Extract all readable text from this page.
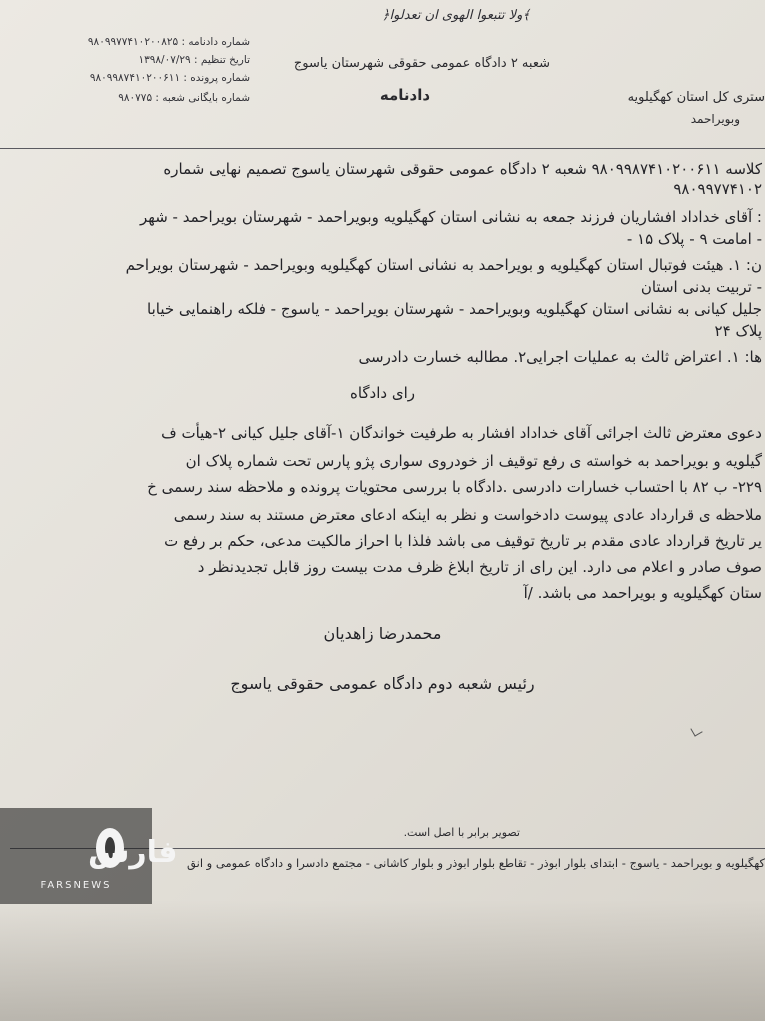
﴾ولا تتبعوا الهوى ان تعدلوا﴿
شماره دادنامه : ۹۸۰۹۹۷۷۴۱۰۲۰۰۸۲۵
تاریخ تنظیم : ۱۳۹۸/۰۷/۲۹
شماره پرونده : ۹۸۰۹۹۸۷۴۱۰۲۰۰۶۱۱
شماره بایگانی شعبه : ۹۸۰۷۷۵
شعبه ۲ دادگاه عمومی حقوقی شهرستان یاسوج
دادنامه	ستری کل استان کهگیلویه
وبویراحمد
کلاسه ۹۸۰۹۹۸۷۴۱۰۲۰۰۶۱۱ شعبه ۲ دادگاه عمومی حقوقی شهرستان یاسوج تصمیم نهایی شماره
۹۸۰۹۹۷۷۴۱۰۲
: آقای خداداد افشاریان فرزند جمعه به نشانی استان کهگیلویه وبویراحمد - شهرستان بویراحمد - شهر
- امامت ۹ - پلاک ۱۵ -
ن: ۱. هیئت فوتبال استان کهگیلویه و بویراحمد به نشانی استان کهگیلویه وبویراحمد - شهرستان بویراحم
- تربیت بدنی استان
جلیل کیانی به نشانی استان کهگیلویه وبویراحمد - شهرستان بویراحمد - یاسوج - فلکه راهنمایی خیابا
پلاک ۲۴
ها: ۱. اعتراض ثالث به عملیات اجرایی۲. مطالبه خسارت دادرسی
رای دادگاه
دعوی معترض ثالث اجرائی آقای خداداد افشار به طرفیت خواندگان ۱-آقای جلیل کیانی ۲-هیأت ف
گیلویه و بویراحمد به خواسته ی رفع توقیف از خودروی سواری پژو پارس تحت شماره پلاک ان
۲۲۹- ب ۸۲ با احتساب خسارات دادرسی .دادگاه با بررسی محتویات پرونده و ملاحظه سند رسمی خ
ملاحظه ی قرارداد عادی پیوست دادخواست و نظر به اینکه ادعای معترض مستند به سند رسمی
یر تاریخ قرارداد عادی مقدم بر تاریخ توقیف می باشد فلذا با احراز مالکیت مدعی، حکم بر رفع ت
صوف صادر و اعلام می دارد. این رای از تاریخ ابلاغ ظرف مدت بیست روز قابل تجدیدنظر د
ستان کهگیلویه و بویراحمد می باشد. /آ
محمدرضا زاهدیان
رئیس شعبه دوم دادگاه عمومی حقوقی یاسوج
تصویر برابر با اصل است.
کهگیلویه و بویراحمد - یاسوج - ابتدای بلوار ابوذر - تقاطع بلوار ابوذر و بلوار کاشانی - مجتمع دادسرا و دادگاه عمومی و انق
فارس
FARSNEWS
